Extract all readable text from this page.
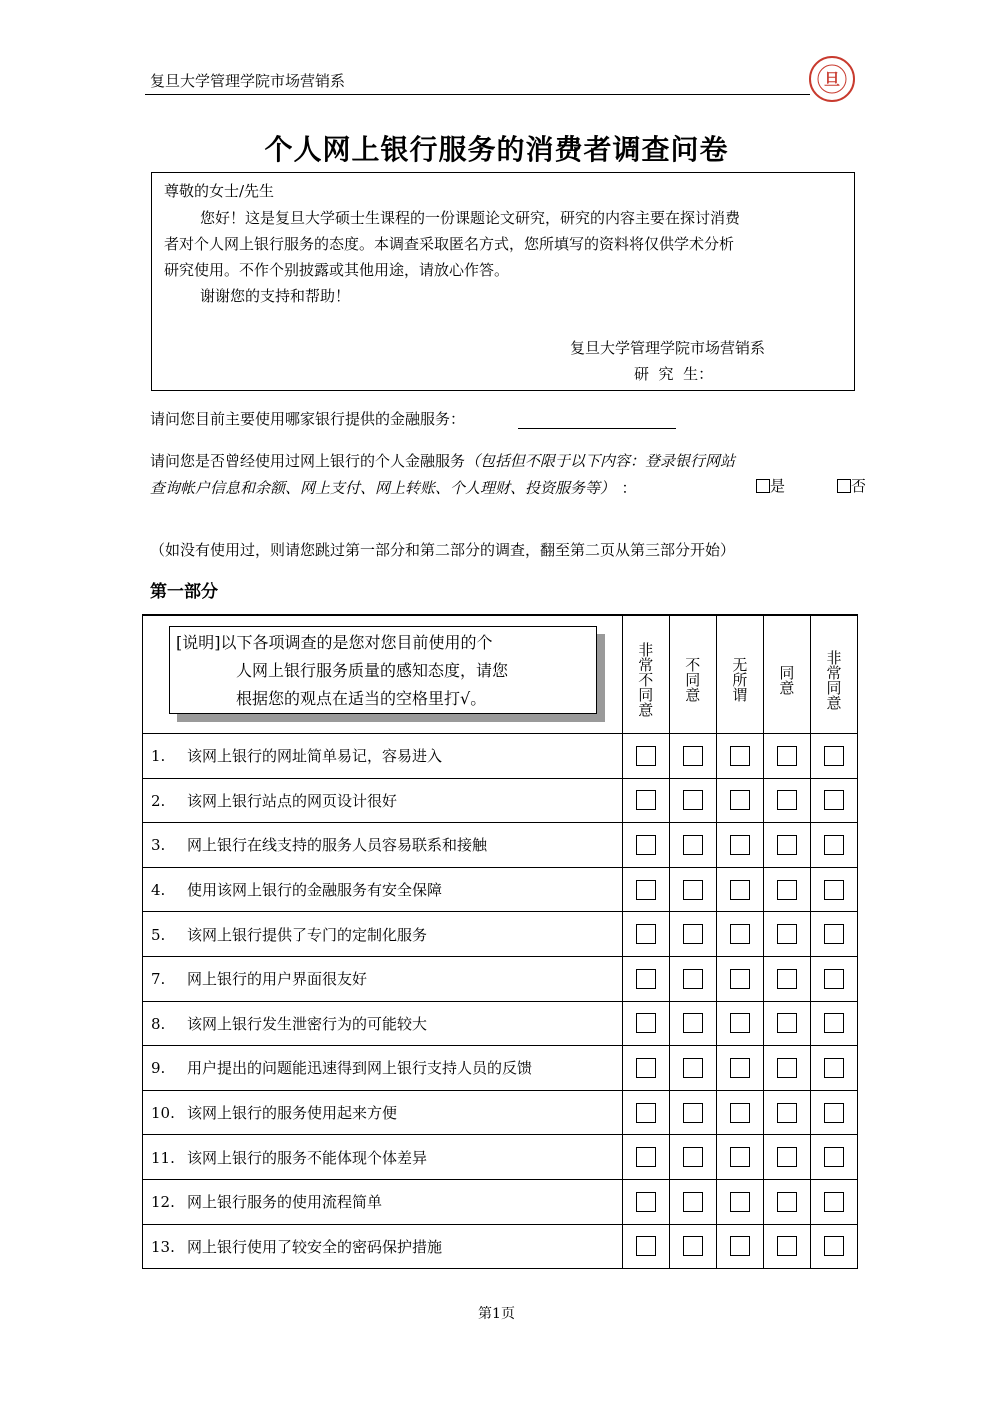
复旦大学管理学院市场营销系	旦
个人网上银行服务的消费者调查问卷
尊敬的女士/先生
您好！这是复旦大学硕士生课程的一份课题论文研究，研究的内容主要在探讨消费
者对个人网上银行服务的态度。本调查采取匿名方式，您所填写的资料将仅供学术分析
研究使用。不作个别披露或其他用途，请放心作答。
谢谢您的支持和帮助！
复旦大学管理学院市场营销系
研  究  生：
请问您目前主要使用哪家银行提供的金融服务：
请问您是否曾经使用过网上银行的个人金融服务（包括但不限于以下内容：登录银行网站
查询帐户信息和余额、网上支付、网上转账、个人理财、投资服务等） ：	是	否
（如没有使用过，则请您跳过第一部分和第二部分的调查，翻至第二页从第三部分开始）
第一部分
[说明]以下各项调查的是您对您目前使用的个
人网上银行服务质量的感知态度，请您
根据您的观点在适当的空格里打√。	非常不同意	不同意	无所谓	同意	非常同意

1. 该网上银行的网址简单易记，容易进入					
2. 该网上银行站点的网页设计很好					
3. 网上银行在线支持的服务人员容易联系和接触					
4. 使用该网上银行的金融服务有安全保障					
5. 该网上银行提供了专门的定制化服务					
7. 网上银行的用户界面很友好					
8. 该网上银行发生泄密行为的可能较大					
9. 用户提出的问题能迅速得到网上银行支持人员的反馈					
10. 该网上银行的服务使用起来方便					
11. 该网上银行的服务不能体现个体差异					
12. 网上银行服务的使用流程简单					
13. 网上银行使用了较安全的密码保护措施					
第1页
